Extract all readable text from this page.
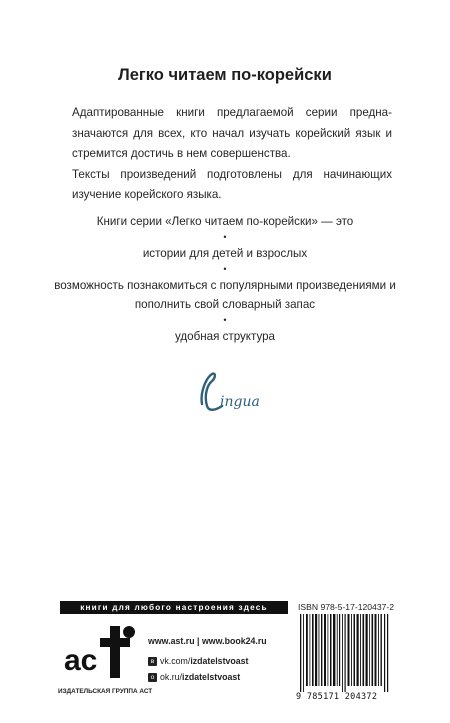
Легко читаем по-корейски

Адаптированные книги предлагаемой серии предна-значаются для всех, кто начал изучать корейский язык и стремится достичь в нем совершенства.

Тексты произведений подготовлены для начинающих изучение корейского языка.

Книги серии «Легко читаем по-корейски» — это
•
истории для детей и взрослых
•
возможность познакомиться с популярными произведениями и пополнить свой словарный запас
•
удобная структура
ingua
книги для любого настроения здесь
ас
ИЗДАТЕЛЬСКАЯ ГРУППА АСТ
www.ast.ru | www.book24.ru
в vk.com/izdatelstvoast
о ok.ru/izdatelstvoast
ISBN 978-5-17-120437-2
9 785171 204372
